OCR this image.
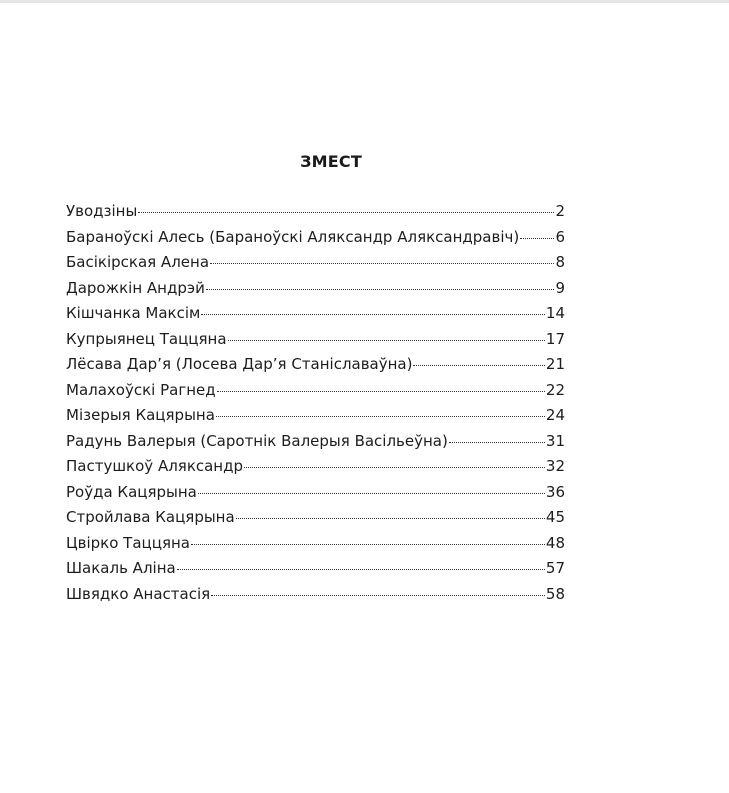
ЗМЕСТ
Уводзіны	2
Бараноўскі Алесь (Бараноўскі Аляксандр Аляксандравіч) 6
Басікірская Алена	8
Дарожкін Андрэй	9
Кішчанка Максім	14
Купрыянец Таццяна	17
Лёсава Дар’я (Лосева Дар’я Станіславаўна)	21
Малахоўскі Рагнед	22
Мізерыя Кацярына	24
Радунь Валерыя (Саротнік Валерыя Васільеўна)	31
Пастушкоў Аляксандр	32
Роўда Кацярына	36
Стройлава Кацярына	45
Цвірко Таццяна	48
Шакаль Аліна	57
Швядко Анастасія	58
